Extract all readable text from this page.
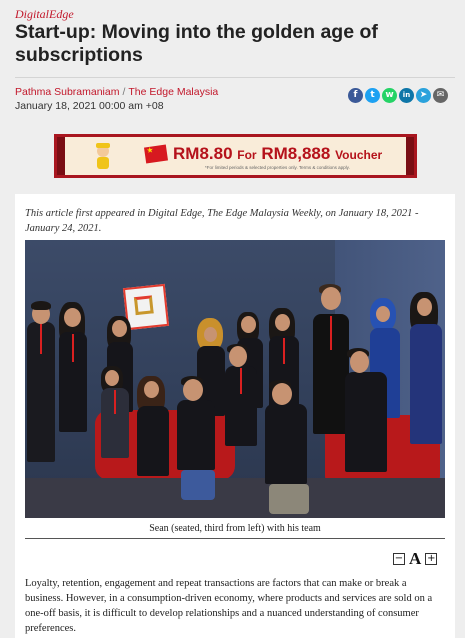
DigitalEdge
Start-up: Moving into the golden age of subscriptions
Pathma Subramaniam / The Edge Malaysia
January 18, 2021 00:00 am +08
f	t	w	in	➤	✉
★
RM8.80 For RM8,888 Voucher
*For limited periods & selected properties only. Terms & conditions apply.
This article first appeared in Digital Edge, The Edge Malaysia Weekly, on January 18, 2021 - January 24, 2021.
Sean (seated, third from left) with his team
− A +

Loyalty, retention, engagement and repeat transactions are factors that can make or break a business. However, in a consumption-driven economy, where products and services are sold on a one-off basis, it is difficult to develop relationships and a nuanced understanding of consumer preferences.
